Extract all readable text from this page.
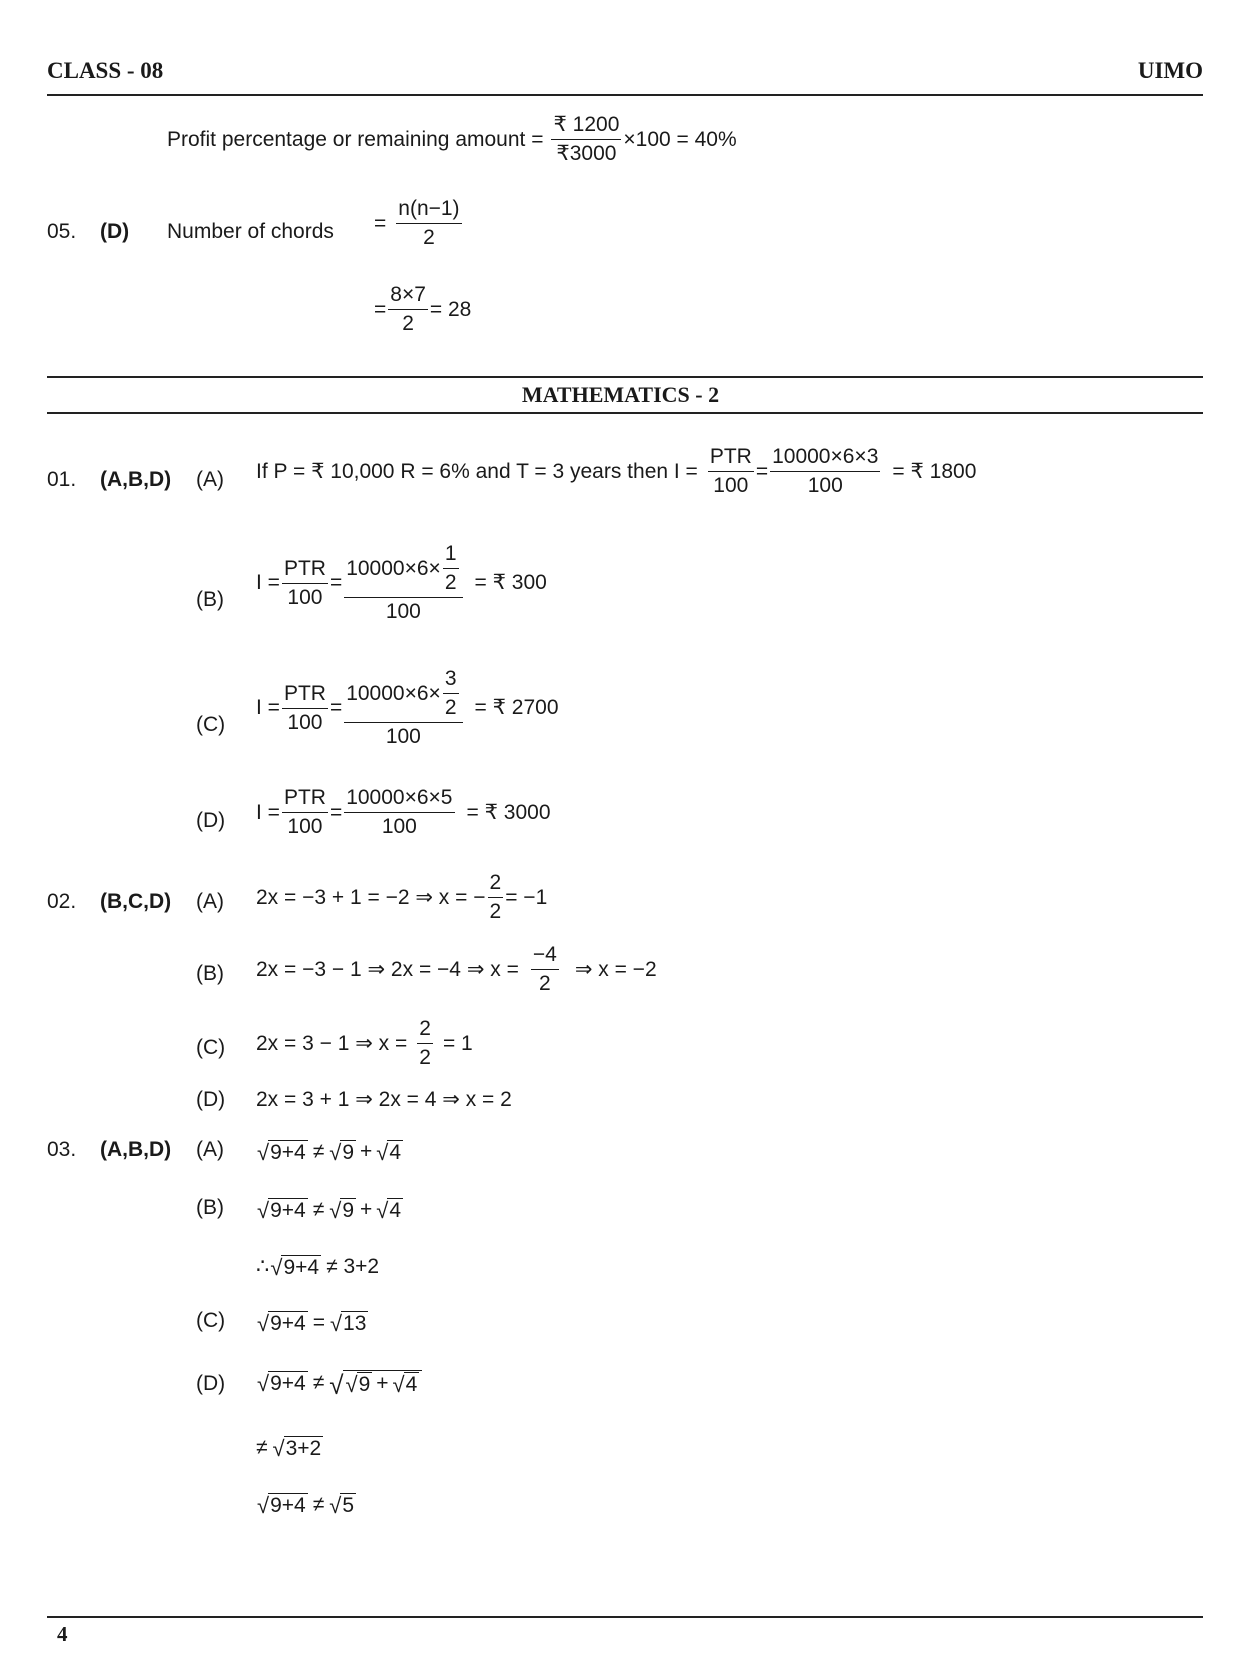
CLASS - 08	UIMO
Profit percentage or remaining amount = $\frac{₹ 1200}{₹3000} \times 100 = 40\%$
05. (D) Number of chords = $\frac{n(n-1)}{2}$
= $\frac{8\times 7}{2} = 28$
MATHEMATICS - 2
01. (A,B,D) (A) If P = ₹ 10,000 R = 6% and T = 3 years then $I = \frac{\text{PTR}}{100} = \frac{10000\times 6\times 3}{100}$ = ₹ 1800
(B)
$I = \frac{\text{PTR}}{100} = \frac{10000\times 6\times \frac{1}{2}}{100}$ = ₹ 300
(C)
$I = \frac{\text{PTR}}{100} = \frac{10000\times 6\times \frac{3}{2}}{100}$ = ₹ 2700
(D) $I = \frac{\text{PTR}}{100} = \frac{10000\times 6\times 5}{100}$ = ₹ 3000
02. (B,C,D) (A) 2x = −3 + 1 = −2 ⇒ x = − $\frac{2}{2} = -1$
(B) 2x = −3 − 1 ⇒ 2x = −4 ⇒ $x = \frac{-4}{2}$ ⇒ x = −2
(C) 2x = 3 − 1 ⇒ $x = \frac{2}{2} = 1$
(D) 2x = 3 + 1 ⇒ 2x = 4 ⇒ x = 2
03. (A,B,D) (A) √ 9+4 ≠ √ 9 + √ 4
(B) √ 9+4 ≠ √ 9 + √ 4
∴ √ 9+4 ≠ 3+2
(C) √ 9+4 = √ 13
(D) √ 9+4 ≠ √ √ 9 + √ 4
≠ √ 3+2
√ 9+4 ≠ √ 5
4
